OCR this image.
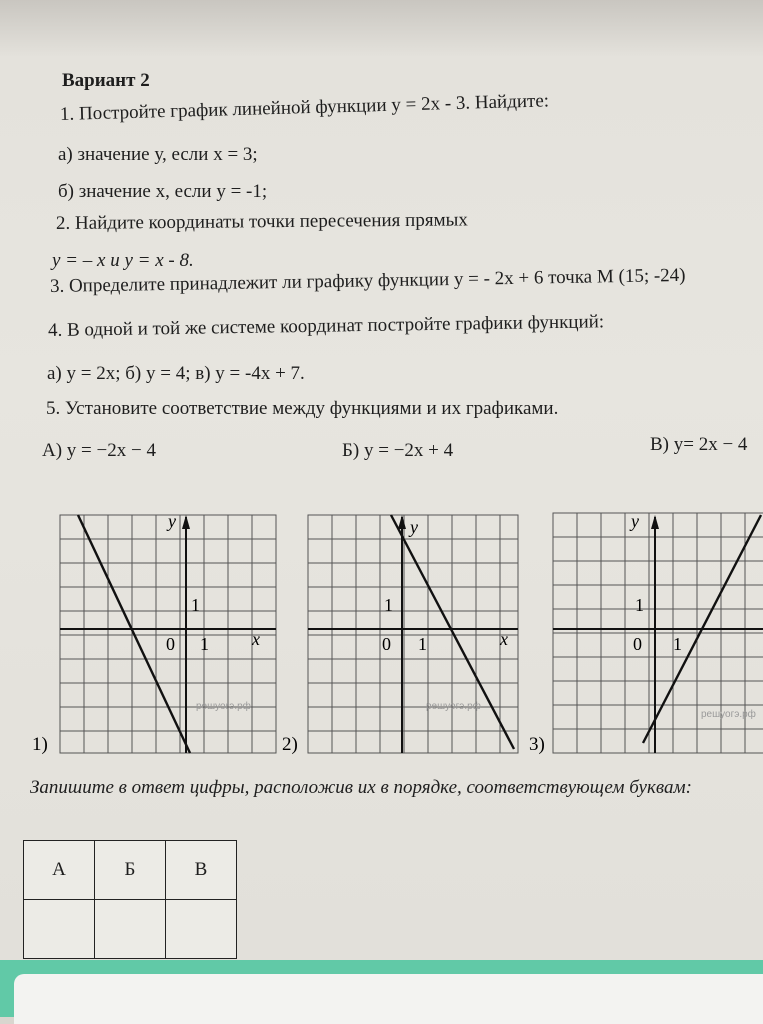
Вариант 2
1. Постройте график линейной функции y = 2x - 3. Найдите:
а) значение у, если х = 3;
б) значение х, если у = -1;
2. Найдите координаты точки пересечения прямых
у = – х и у = х - 8.
3. Определите принадлежит ли графику функции у = - 2х + 6 точка М (15; -24)
4. В одной и той же системе координат постройте графики функций:
а) у = 2х; б) у = 4; в) у = -4х + 7.
5. Установите соответствие между функциями и их графиками.
А) y = −2x − 4	Б) y = −2x + 4	В) y= 2x − 4
y
x
0 1
1
решуогэ.рф
1)
y
x
0 1
1
решуогэ.рф
2)
y
0 1
1
решуогэ.рф
3)
Запишите в ответ цифры, расположив их в порядке, соответствующем буквам:
А	Б	В
